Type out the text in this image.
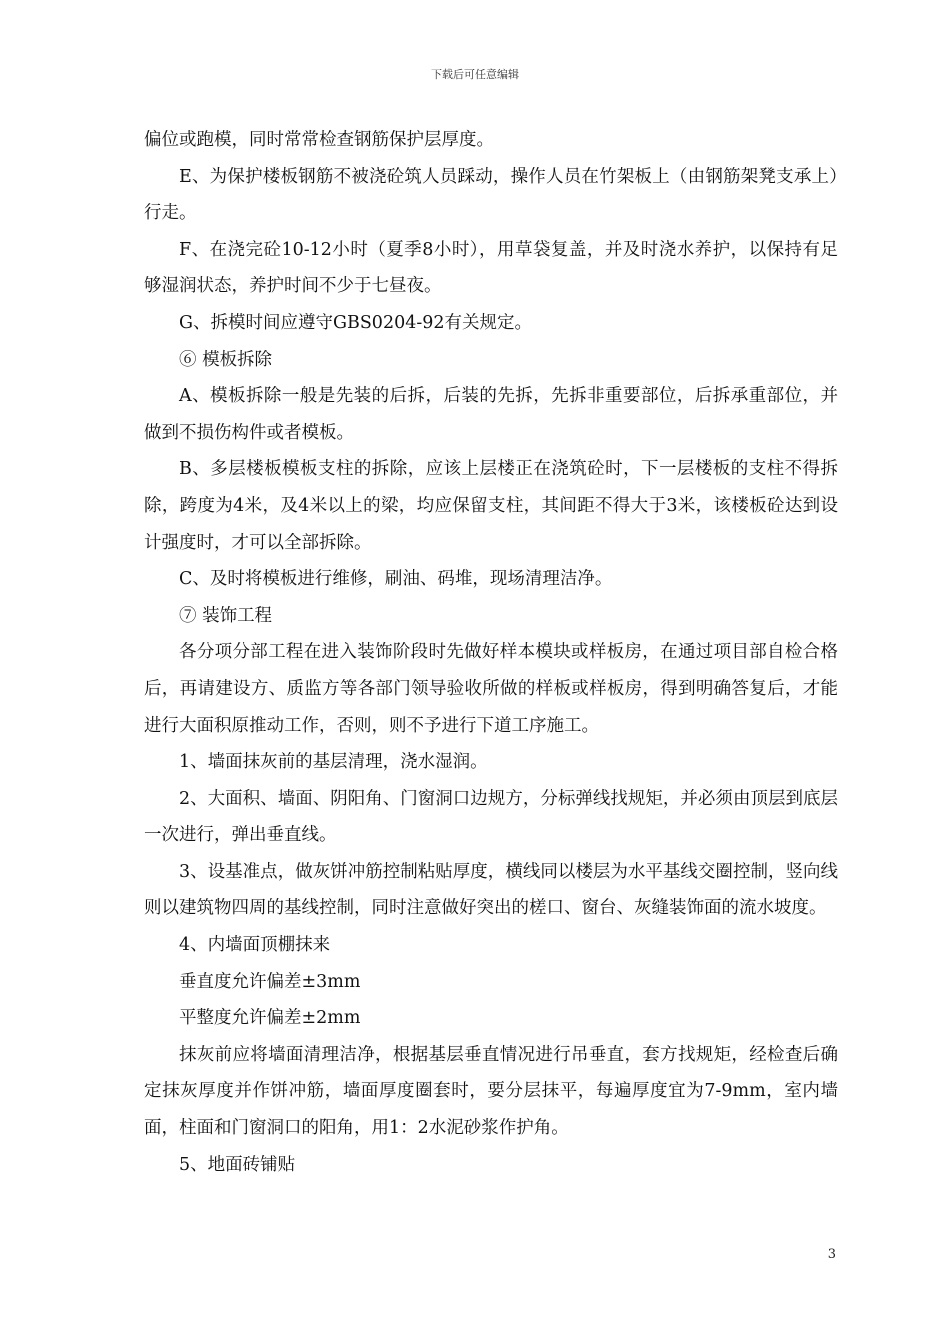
下载后可任意编辑

偏位或跑模，同时常常检查钢筋保护层厚度。

E、为保护楼板钢筋不被浇砼筑人员踩动，操作人员在竹架板上（由钢筋架凳支承上）行走。

F、在浇完砼10-12小时（夏季8小时），用草袋复盖，并及时浇水养护，以保持有足够湿润状态，养护时间不少于七昼夜。

G、拆模时间应遵守GBS0204-92有关规定。

⑥ 模板拆除

A、模板拆除一般是先装的后拆，后装的先拆，先拆非重要部位，后拆承重部位，并做到不损伤构件或者模板。

B、多层楼板模板支柱的拆除，应该上层楼正在浇筑砼时，下一层楼板的支柱不得拆除，跨度为4米，及4米以上的梁，均应保留支柱，其间距不得大于3米，该楼板砼达到设计强度时，才可以全部拆除。

C、及时将模板进行维修，刷油、码堆，现场清理洁净。

⑦ 装饰工程

各分项分部工程在进入装饰阶段时先做好样本模块或样板房，在通过项目部自检合格后，再请建设方、质监方等各部门领导验收所做的样板或样板房，得到明确答复后，才能进行大面积原推动工作，否则，则不予进行下道工序施工。

1、墙面抹灰前的基层清理，浇水湿润。

2、大面积、墙面、阴阳角、门窗洞口边规方，分标弹线找规矩，并必须由顶层到底层一次进行，弹出垂直线。

3、设基准点，做灰饼冲筋控制粘贴厚度，横线同以楼层为水平基线交圈控制，竖向线则以建筑物四周的基线控制，同时注意做好突出的槎口、窗台、灰缝装饰面的流水坡度。

4、内墙面顶棚抹来

垂直度允许偏差±3mm

平整度允许偏差±2mm

抹灰前应将墙面清理洁净，根据基层垂直情况进行吊垂直，套方找规矩，经检查后确定抹灰厚度并作饼冲筋，墙面厚度圈套时，要分层抹平，每遍厚度宜为7-9mm，室内墙面，柱面和门窗洞口的阳角，用1：2水泥砂浆作护角。

5、地面砖铺贴

3
